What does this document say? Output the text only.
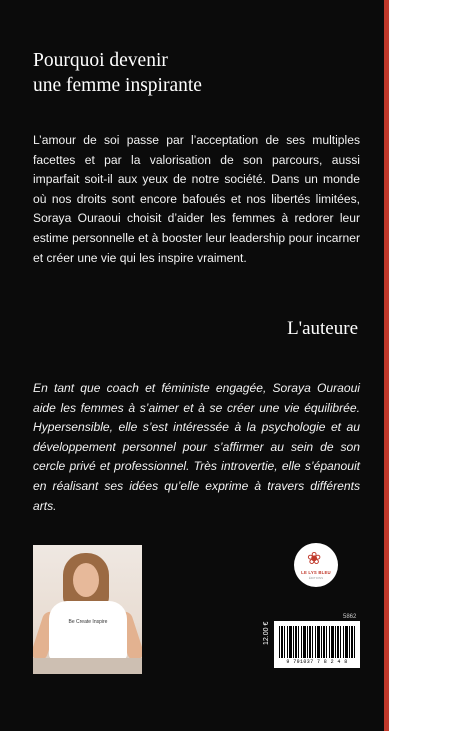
Pourquoi devenir
une femme inspirante

L’amour de soi passe par l’acceptation de ses multiples facettes et par la valorisation de son parcours, aussi imparfait soit-il aux yeux de notre société. Dans un monde où nos droits sont encore bafoués et nos libertés limitées, Soraya Ouraoui choisit d’aider les femmes à redorer leur estime personnelle et à booster leur leadership pour incarner et créer une vie qui les inspire vraiment.

L'auteure

En tant que coach et féministe engagée, Soraya Ouraoui aide les femmes à s’aimer et à se créer une vie équilibrée. Hypersensible, elle s’est intéressée à la psychologie et au développement personnel pour s’affirmer au sein de son cercle privé et professionnel. Très introvertie, elle s’épanouit en réalisant ses idées qu’elle exprime à travers différents arts.

Be Create Inspire
❀
LE LYS BLEU
ÉDITIONS
5862
12.00 €
9 791037 7 8 2 4 8
